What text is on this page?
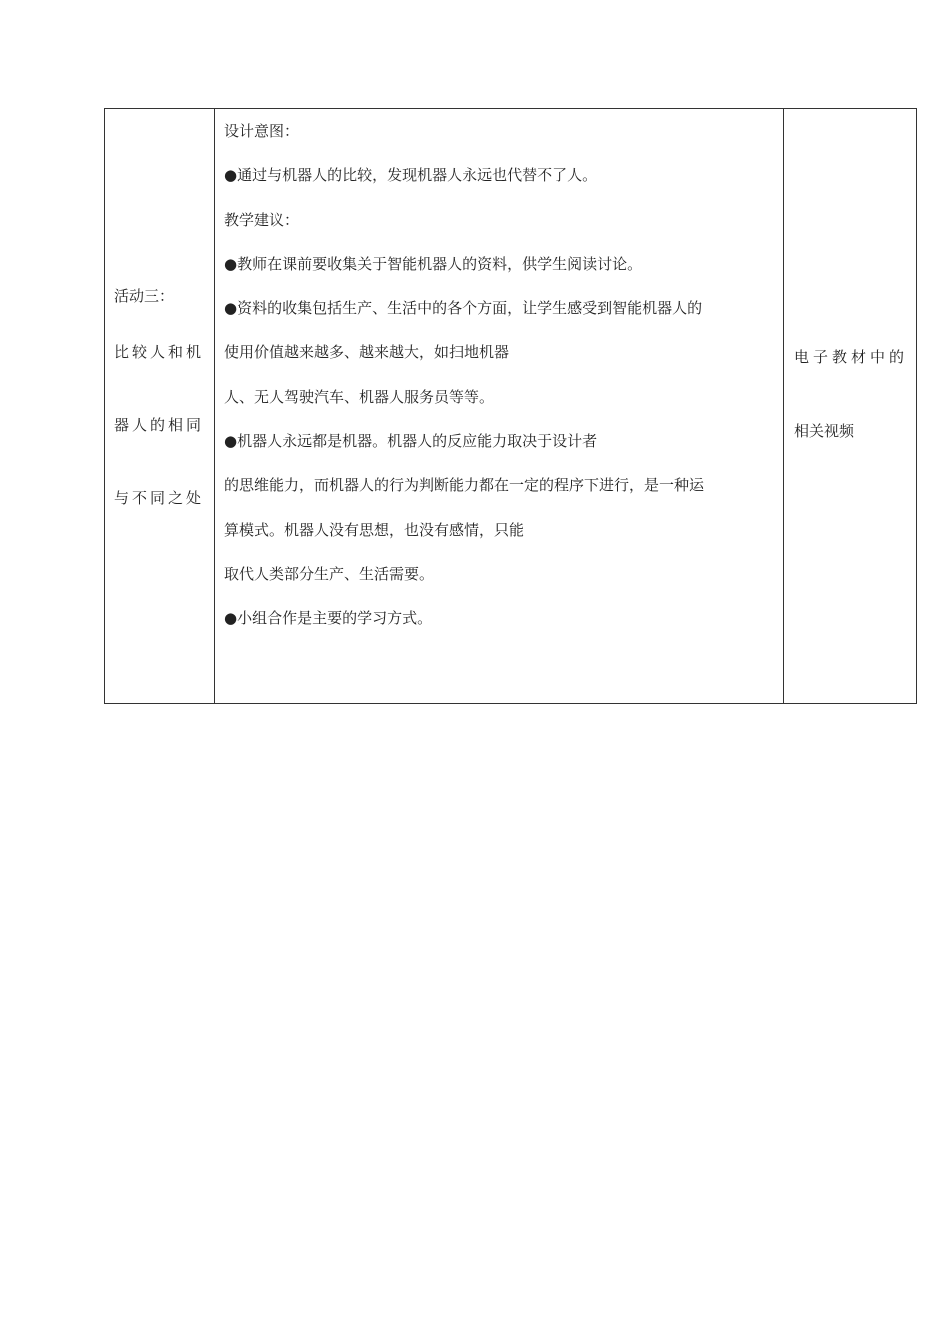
活动三：
比较人和机
器人的相同
与不同之处

设计意图：
●通过与机器人的比较，发现机器人永远也代替不了人。
教学建议：
●教师在课前要收集关于智能机器人的资料，供学生阅读讨论。
●资料的收集包括生产、生活中的各个方面，让学生感受到智能机器人的
使用价值越来越多、越来越大，如扫地机器
人、无人驾驶汽车、机器人服务员等等。
●机器人永远都是机器。机器人的反应能力取决于设计者
的思维能力，而机器人的行为判断能力都在一定的程序下进行，是一种运
算模式。机器人没有思想，也没有感情，只能
取代人类部分生产、生活需要。
●小组合作是主要的学习方式。

电子教材中的
相关视频
